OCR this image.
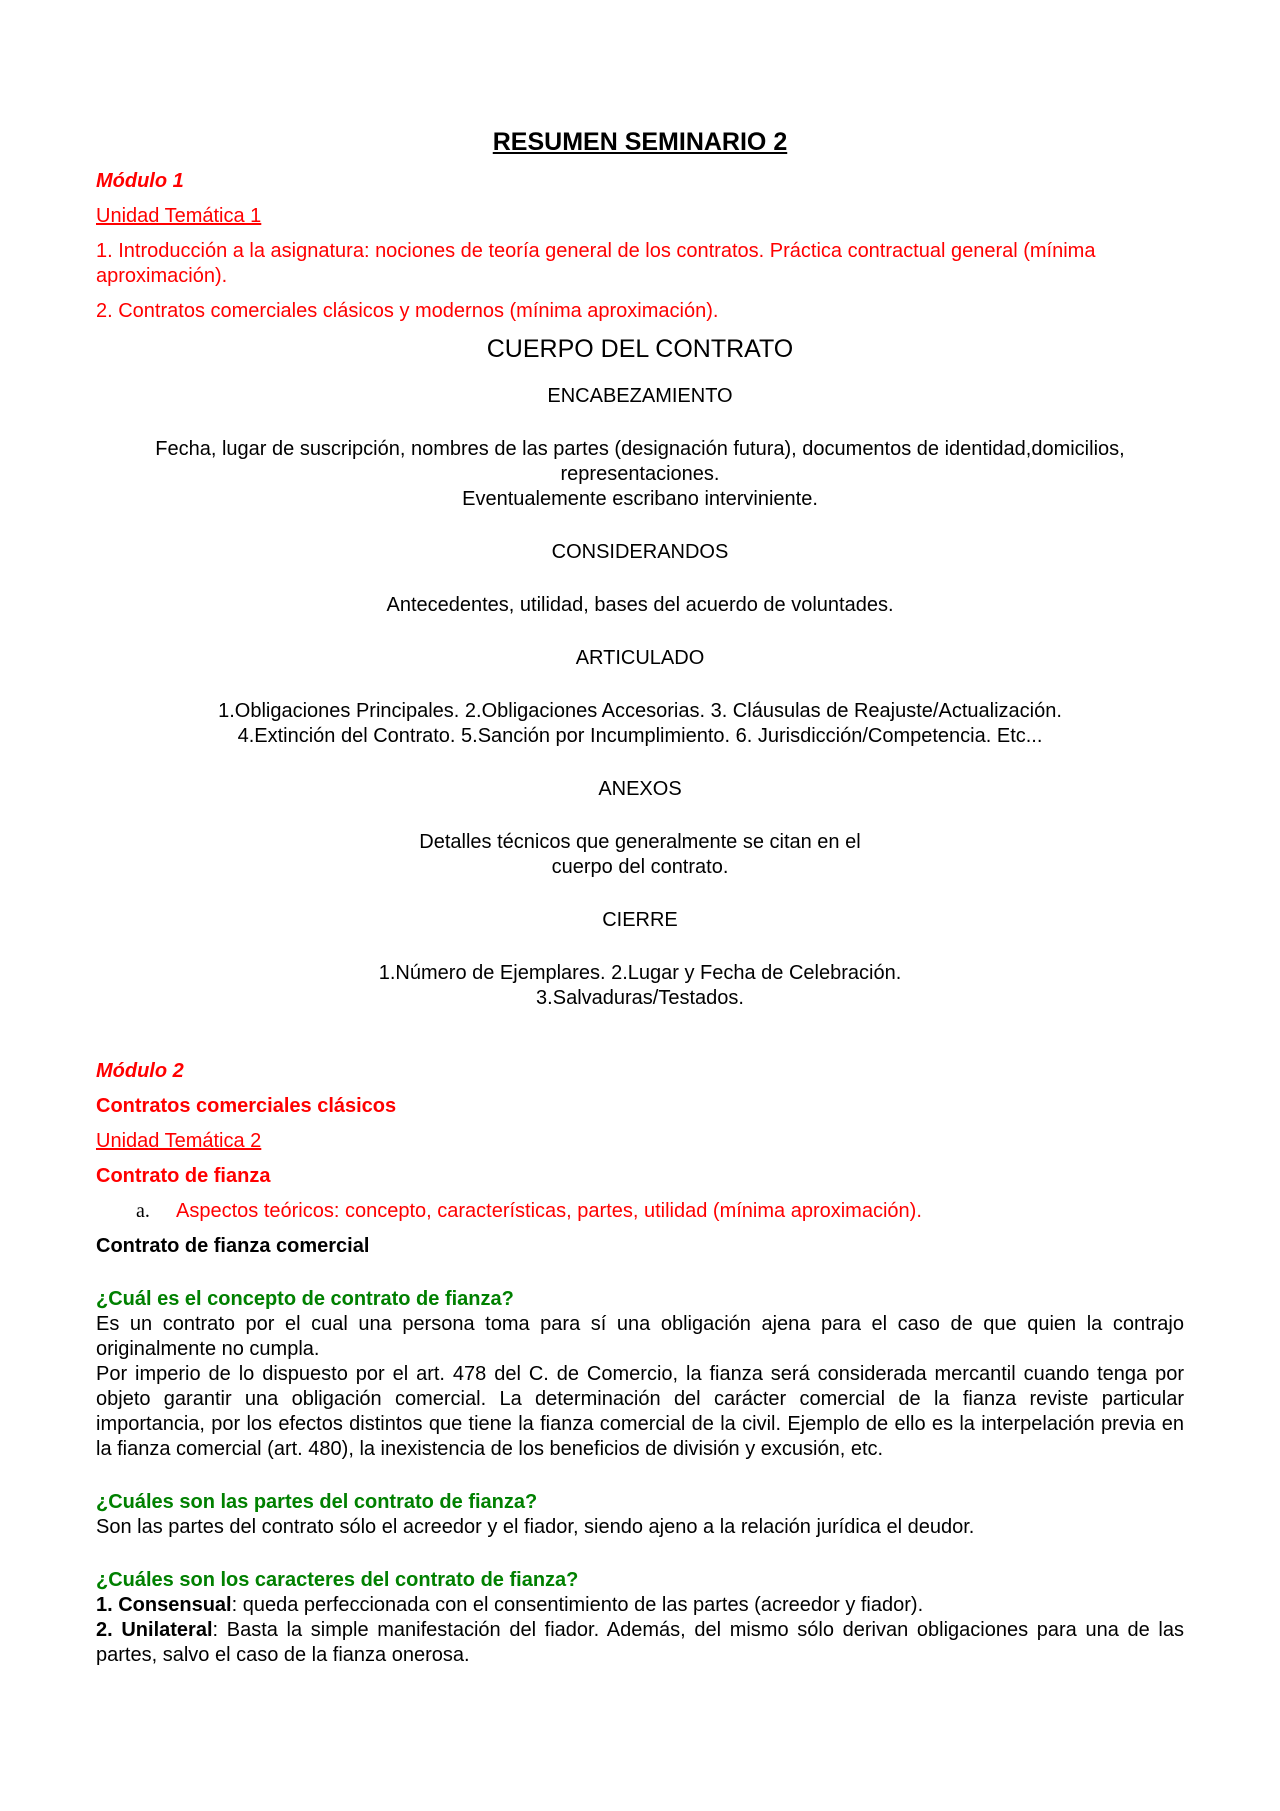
RESUMEN SEMINARIO 2
Módulo 1
Unidad Temática 1
1. Introducción a la asignatura: nociones de teoría general de los contratos. Práctica contractual general (mínima aproximación).
2. Contratos comerciales clásicos y modernos (mínima aproximación).
CUERPO DEL CONTRATO
ENCABEZAMIENTO
Fecha, lugar de suscripción, nombres de las partes (designación futura), documentos de identidad,domicilios,
representaciones.
Eventualemente escribano interviniente.
CONSIDERANDOS
Antecedentes, utilidad, bases del acuerdo de voluntades.
ARTICULADO
1.Obligaciones Principales. 2.Obligaciones Accesorias. 3. Cláusulas de Reajuste/Actualización.
4.Extinción del Contrato. 5.Sanción por Incumplimiento. 6. Jurisdicción/Competencia. Etc...
ANEXOS
Detalles técnicos que generalmente se citan en el
cuerpo del contrato.
CIERRE
1.Número de Ejemplares. 2.Lugar y Fecha de Celebración.
3.Salvaduras/Testados.
Módulo 2
Contratos comerciales clásicos
Unidad Temática 2
Contrato de fianza
a.	Aspectos teóricos: concepto, características, partes, utilidad (mínima aproximación).
Contrato de fianza comercial
¿Cuál es el concepto de contrato de fianza?
Es un contrato por el cual una persona toma para sí una obligación ajena para el caso de que quien la contrajo originalmente no cumpla.
Por imperio de lo dispuesto por el art. 478 del C. de Comercio, la fianza será considerada mercantil cuando tenga por objeto garantir una obligación comercial. La determinación del carácter comercial de la fianza reviste particular importancia, por los efectos distintos que tiene la fianza comercial de la civil. Ejemplo de ello es la interpelación previa en la fianza comercial (art. 480), la inexistencia de los beneficios de división y excusión, etc.
¿Cuáles son las partes del contrato de fianza?
Son las partes del contrato sólo el acreedor y el fiador, siendo ajeno a la relación jurídica el deudor.
¿Cuáles son los caracteres del contrato de fianza?
1. Consensual: queda perfeccionada con el consentimiento de las partes (acreedor y fiador).
2. Unilateral: Basta la simple manifestación del fiador. Además, del mismo sólo derivan obligaciones para una de las partes, salvo el caso de la fianza onerosa.
